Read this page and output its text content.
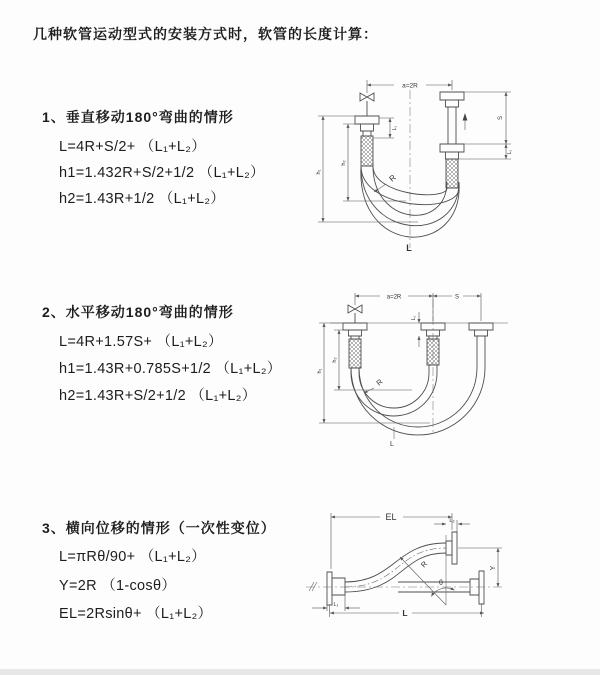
几种软管运动型式的安装方式时，软管的长度计算：
1、垂直移动180°弯曲的情形
L=4R+S/2+ （L₁+L₂）
h1=1.432R+S/2+1/2 （L₁+L₂）
h2=1.43R+1/2 （L₁+L₂）
2、水平移动180°弯曲的情形
L=4R+1.57S+ （L₁+L₂）
h1=1.43R+0.785S+1/2 （L₁+L₂）
h2=1.43R+S/2+1/2 （L₁+L₂）
3、横向位移的情形（一次性变位）
L=πRθ/90+ （L₁+L₂）
Y=2R （1-cosθ）
EL=2Rsinθ+ （L₁+L₂）
a=2R
h₁
h₂
L₁
S
L₁
R
L
a=2R	S
h₁
h₂
L₁
R
L
EL	L₂
θ
R	Y
L₁
L
